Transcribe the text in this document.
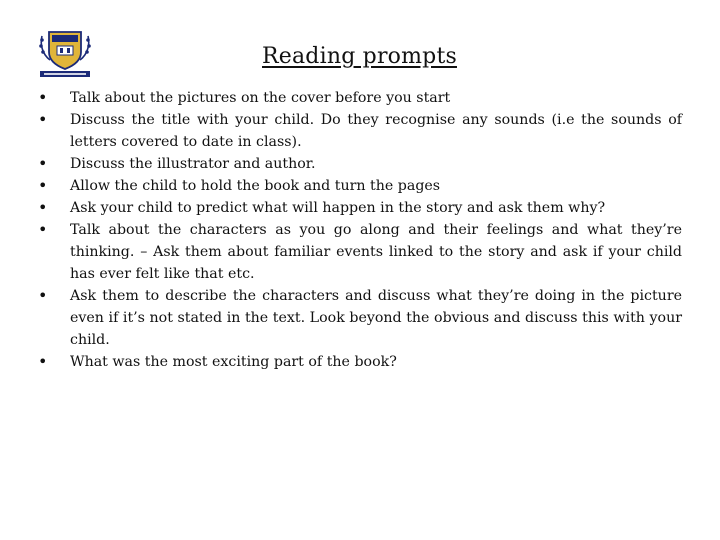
Reading prompts
• Talk about the pictures on the cover before you start
• Discuss the title with your child. Do they recognise any sounds (i.e the sounds of letters covered to date in class).
• Discuss the illustrator and author.
• Allow the child to hold the book and turn the pages
• Ask your child to predict what will happen in the story and ask them why?
• Talk about the characters as you go along and their feelings and what they’re thinking. – Ask them about familiar events linked to the story and ask if your child has ever felt like that etc.
• Ask them to describe the characters and discuss what they’re doing in the picture even if it’s not stated in the text. Look beyond the obvious and discuss this with your child.
• What was the most exciting part of the book?
